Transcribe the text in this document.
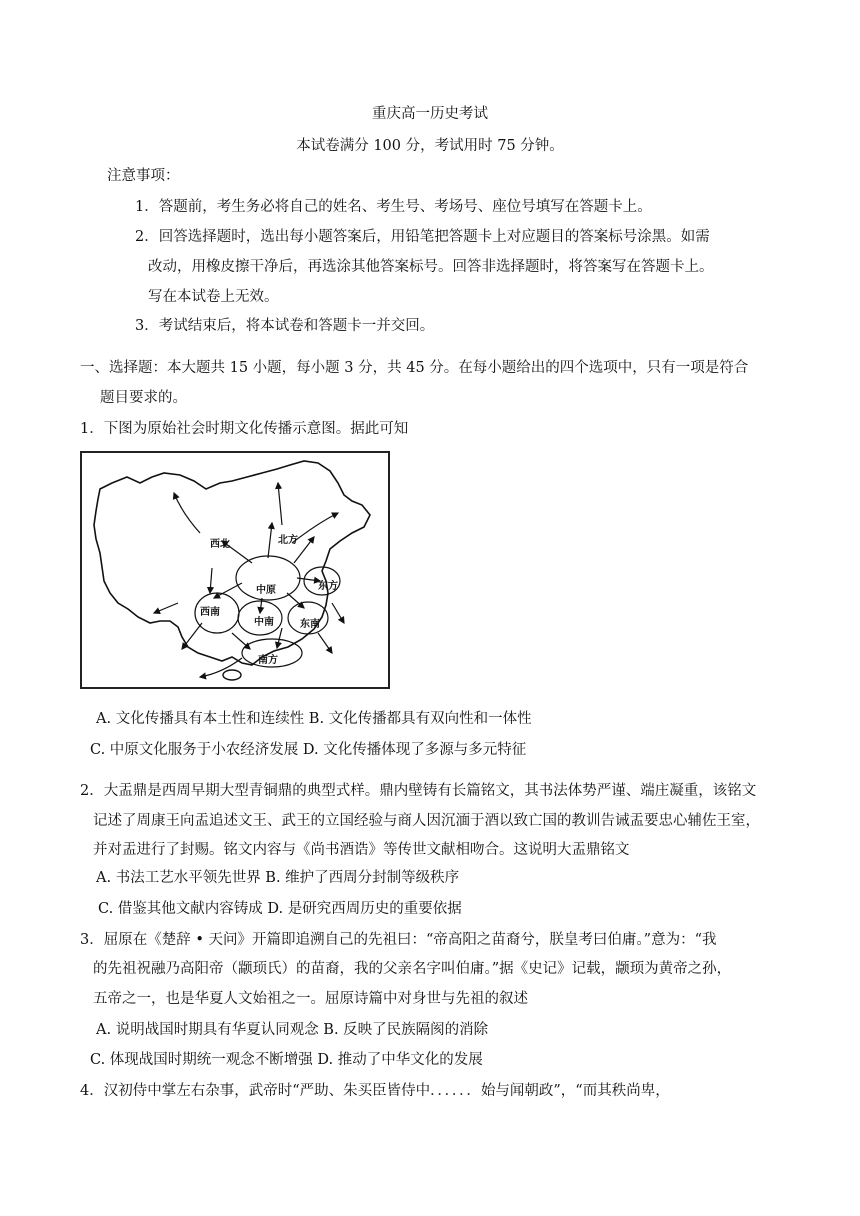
重庆高一历史考试
本试卷满分 100 分，考试用时 75 分钟。
注意事项：
1．答题前，考生务必将自己的姓名、考生号、考场号、座位号填写在答题卡上。
2．回答选择题时，选出每小题答案后，用铅笔把答题卡上对应题目的答案标号涂黑。如需
改动，用橡皮擦干净后，再选涂其他答案标号。回答非选择题时，将答案写在答题卡上。
写在本试卷上无效。
3．考试结束后，将本试卷和答题卡一并交回。
一、选择题：本大题共 15 小题，每小题 3 分，共 45 分。在每小题给出的四个选项中，只有一项是符合
题目要求的。
1．下图为原始社会时期文化传播示意图。据此可知
西北	北方
中原	东方
西南
中南	东南
南方
A. 文化传播具有本土性和连续性 B. 文化传播都具有双向性和一体性
C. 中原文化服务于小农经济发展 D. 文化传播体现了多源与多元特征
2．大盂鼎是西周早期大型青铜鼎的典型式样。鼎内壁铸有长篇铭文，其书法体势严谨、端庄凝重，该铭文
记述了周康王向盂追述文王、武王的立国经验与商人因沉湎于酒以致亡国的教训告诫盂要忠心辅佐王室，
并对盂进行了封赐。铭文内容与《尚书酒诰》等传世文献相吻合。这说明大盂鼎铭文
A. 书法工艺水平领先世界 B. 维护了西周分封制等级秩序
C. 借鉴其他文献内容铸成 D. 是研究西周历史的重要依据
3．屈原在《楚辞 • 天问》开篇即追溯自己的先祖曰：“帝高阳之苗裔兮，朕皇考曰伯庸。”意为：“我
的先祖祝融乃高阳帝（颛顼氏）的苗裔，我的父亲名字叫伯庸。”据《史记》记载，颛顼为黄帝之孙，
五帝之一，也是华夏人文始祖之一。屈原诗篇中对身世与先祖的叙述
A. 说明战国时期具有华夏认同观念 B. 反映了民族隔阂的消除
C. 体现战国时期统一观念不断增强 D. 推动了中华文化的发展
4．汉初侍中掌左右杂事，武帝时“严助、朱买臣皆侍中．．．．．．始与闻朝政”，“而其秩尚卑，
